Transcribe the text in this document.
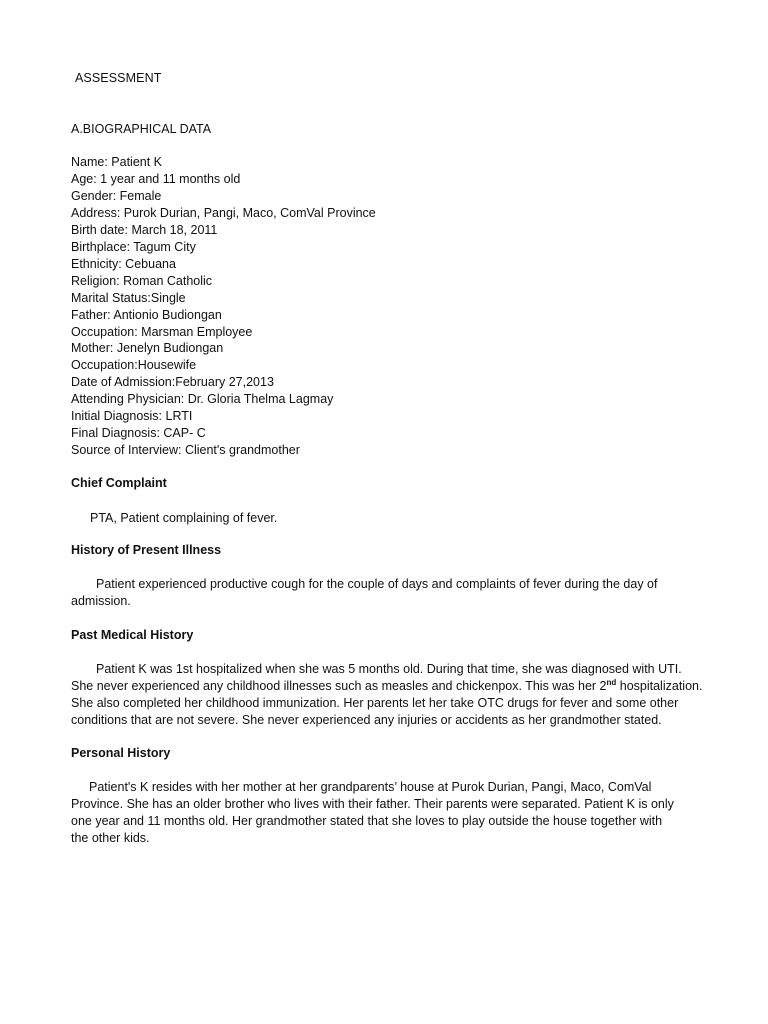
ASSESSMENT
A.BIOGRAPHICAL DATA
Name: Patient K
Age: 1 year and 11 months old
Gender: Female
Address: Purok Durian, Pangi, Maco, ComVal Province
Birth date: March 18, 2011
Birthplace: Tagum City
Ethnicity: Cebuana
Religion: Roman Catholic
Marital Status:Single
Father: Antionio Budiongan
Occupation: Marsman Employee
Mother: Jenelyn Budiongan
Occupation:Housewife
Date of Admission:February 27,2013
Attending Physician: Dr. Gloria Thelma Lagmay
Initial Diagnosis: LRTI
Final Diagnosis: CAP- C
Source of Interview: Client's grandmother
Chief Complaint

PTA, Patient complaining of fever.

History of Present Illness

Patient experienced productive cough for the couple of days and complaints of fever during the day of
admission.

Past Medical History

Patient K was 1st hospitalized when she was 5 months old. During that time, she was diagnosed with UTI.
She never experienced any childhood illnesses such as measles and chickenpox. This was her 2nd hospitalization.
She also completed her childhood immunization. Her parents let her take OTC drugs for fever and some other
conditions that are not severe. She never experienced any injuries or accidents as her grandmother stated.

Personal History

Patient's K resides with her mother at her grandparents’ house at Purok Durian, Pangi, Maco, ComVal
Province. She has an older brother who lives with their father. Their parents were separated. Patient K is only
one year and 11 months old. Her grandmother stated that she loves to play outside the house together with
the other kids.
